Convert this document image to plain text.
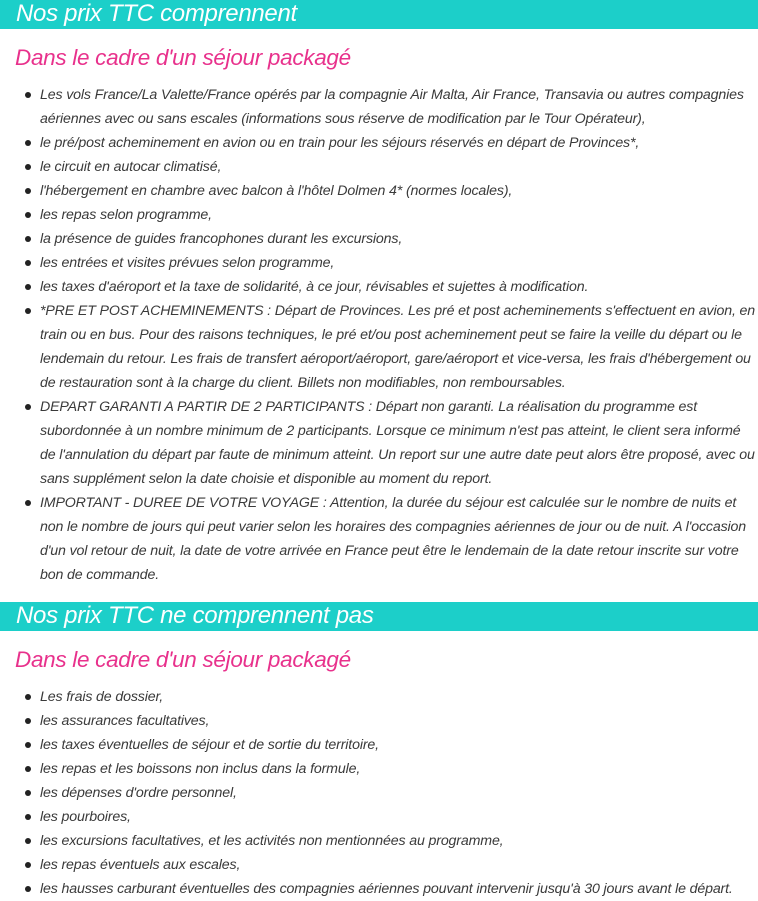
Nos prix TTC comprennent
Dans le cadre d'un séjour packagé
Les vols France/La Valette/France opérés par la compagnie Air Malta, Air France, Transavia ou autres compagnies aériennes avec ou sans escales (informations sous réserve de modification par le Tour Opérateur),
le pré/post acheminement en avion ou en train pour les séjours réservés en départ de Provinces*,
le circuit en autocar climatisé,
l'hébergement en chambre avec balcon à l'hôtel Dolmen 4* (normes locales),
les repas selon programme,
la présence de guides francophones durant les excursions,
les entrées et visites prévues selon programme,
les taxes d'aéroport et la taxe de solidarité, à ce jour, révisables et sujettes à modification.
*PRE ET POST ACHEMINEMENTS : Départ de Provinces. Les pré et post acheminements s'effectuent en avion, en train ou en bus. Pour des raisons techniques, le pré et/ou post acheminement peut se faire la veille du départ ou le lendemain du retour. Les frais de transfert aéroport/aéroport, gare/aéroport et vice-versa, les frais d'hébergement ou de restauration sont à la charge du client. Billets non modifiables, non remboursables.
DEPART GARANTI A PARTIR DE 2 PARTICIPANTS : Départ non garanti. La réalisation du programme est subordonnée à un nombre minimum de 2 participants. Lorsque ce minimum n'est pas atteint, le client sera informé de l'annulation du départ par faute de minimum atteint. Un report sur une autre date peut alors être proposé, avec ou sans supplément selon la date choisie et disponible au moment du report.
IMPORTANT - DUREE DE VOTRE VOYAGE : Attention, la durée du séjour est calculée sur le nombre de nuits et non le nombre de jours qui peut varier selon les horaires des compagnies aériennes de jour ou de nuit. A l'occasion d'un vol retour de nuit, la date de votre arrivée en France peut être le lendemain de la date retour inscrite sur votre bon de commande.
Nos prix TTC ne comprennent pas
Dans le cadre d'un séjour packagé
Les frais de dossier,
les assurances facultatives,
les taxes éventuelles de séjour et de sortie du territoire,
les repas et les boissons non inclus dans la formule,
les dépenses d'ordre personnel,
les pourboires,
les excursions facultatives, et les activités non mentionnées au programme,
les repas éventuels aux escales,
les hausses carburant éventuelles des compagnies aériennes pouvant intervenir jusqu'à 30 jours avant le départ.
